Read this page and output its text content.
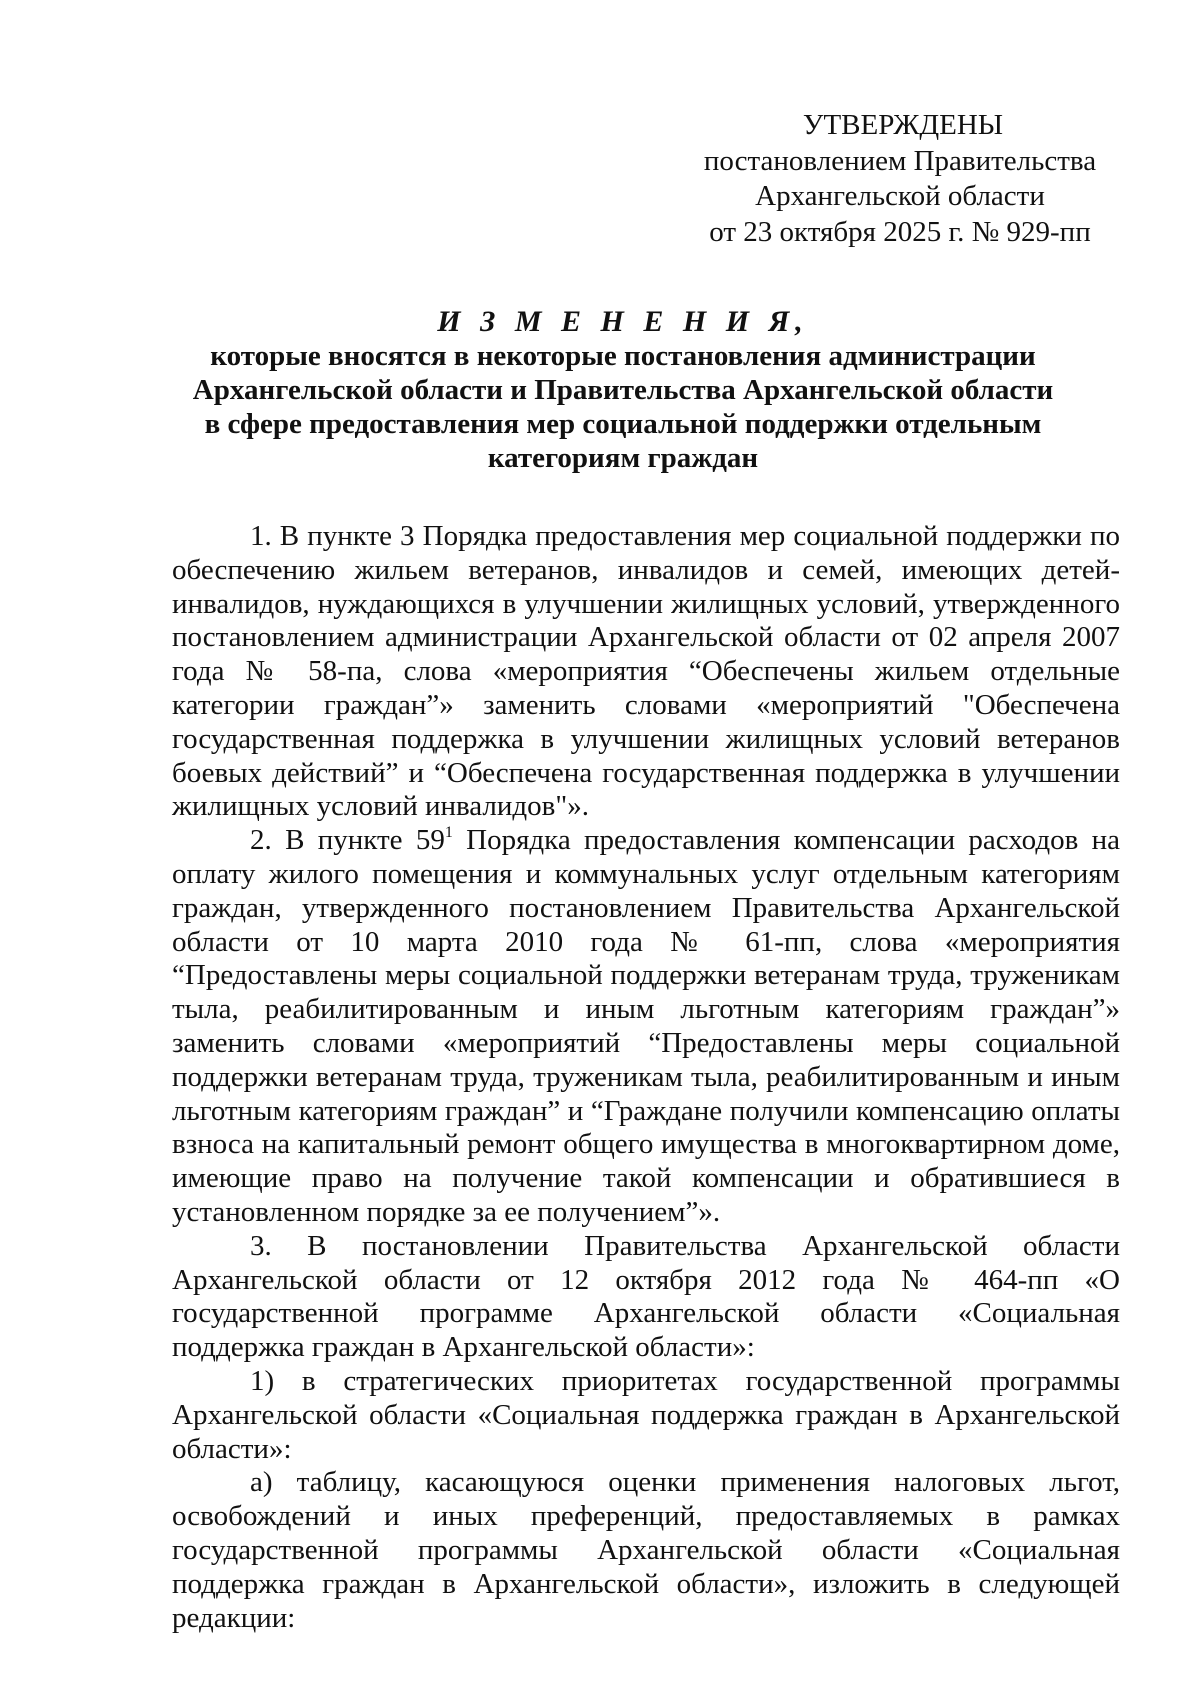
УТВЕРЖДЕНЫ
постановлением Правительства
Архангельской области
от 23 октября 2025 г. № 929-пп
И З М Е Н Е Н И Я,
которые вносятся в некоторые постановления администрации
Архангельской области и Правительства Архангельской области
в сфере предоставления мер социальной поддержки отдельным
категориям граждан

1. В пункте 3 Порядка предоставления мер социальной поддержки по обеспечению жильем ветеранов, инвалидов и семей, имеющих детей-инвалидов, нуждающихся в улучшении жилищных условий, утвержденного постановлением администрации Архангельской области от 02 апреля 2007 года № 58-па, слова «мероприятия “Обеспечены жильем отдельные категории граждан”» заменить словами «мероприятий "Обеспечена государственная поддержка в улучшении жилищных условий ветеранов боевых действий” и “Обеспечена государственная поддержка в улучшении жилищных условий инвалидов"».

2. В пункте $59^1$ Порядка предоставления компенсации расходов на оплату жилого помещения и коммунальных услуг отдельным категориям граждан, утвержденного постановлением Правительства Архангельской области от 10 марта 2010 года № 61-пп, слова «мероприятия “Предоставлены меры социальной поддержки ветеранам труда, труженикам тыла, реабилитированным и иным льготным категориям граждан”» заменить словами «мероприятий “Предоставлены меры социальной поддержки ветеранам труда, труженикам тыла, реабилитированным и иным льготным категориям граждан” и “Граждане получили компенсацию оплаты взноса на капитальный ремонт общего имущества в многоквартирном доме, имеющие право на получение такой компенсации и обратившиеся в установленном порядке за ее получением”».

3. В постановлении Правительства Архангельской области Архангельской области от 12 октября 2012 года № 464-пп «О государственной программе Архангельской области «Социальная поддержка граждан в Архангельской области»:

1) в стратегических приоритетах государственной программы Архангельской области «Социальная поддержка граждан в Архангельской области»:

а) таблицу, касающуюся оценки применения налоговых льгот, освобождений и иных преференций, предоставляемых в рамках государственной программы Архангельской области «Социальная поддержка граждан в Архангельской области», изложить в следующей редакции:
